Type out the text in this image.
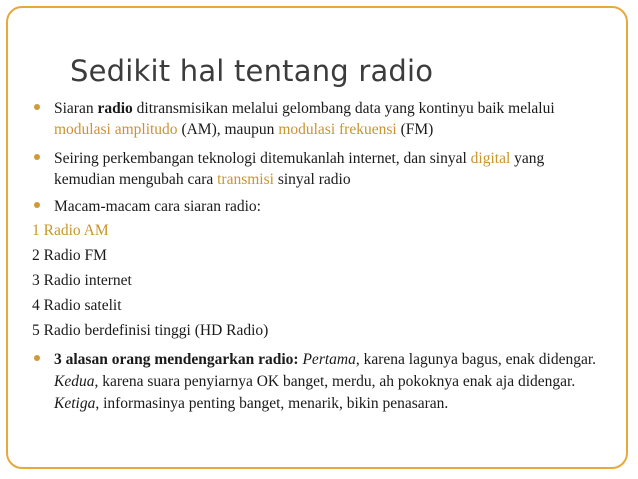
Sedikit hal tentang radio
Siaran radio ditransmisikan melalui gelombang data yang kontinyu baik melalui modulasi amplitudo (AM), maupun modulasi frekuensi (FM)
Seiring perkembangan teknologi ditemukanlah internet, dan sinyal digital yang kemudian mengubah cara transmisi sinyal radio
Macam-macam cara siaran radio:
1 Radio AM
2 Radio FM
3 Radio internet
4 Radio satelit
5 Radio berdefinisi tinggi (HD Radio)
3 alasan orang mendengarkan radio: Pertama, karena lagunya bagus, enak didengar. Kedua, karena suara penyiarnya OK banget, merdu, ah pokoknya enak aja didengar. Ketiga, informasinya penting banget, menarik, bikin penasaran.
